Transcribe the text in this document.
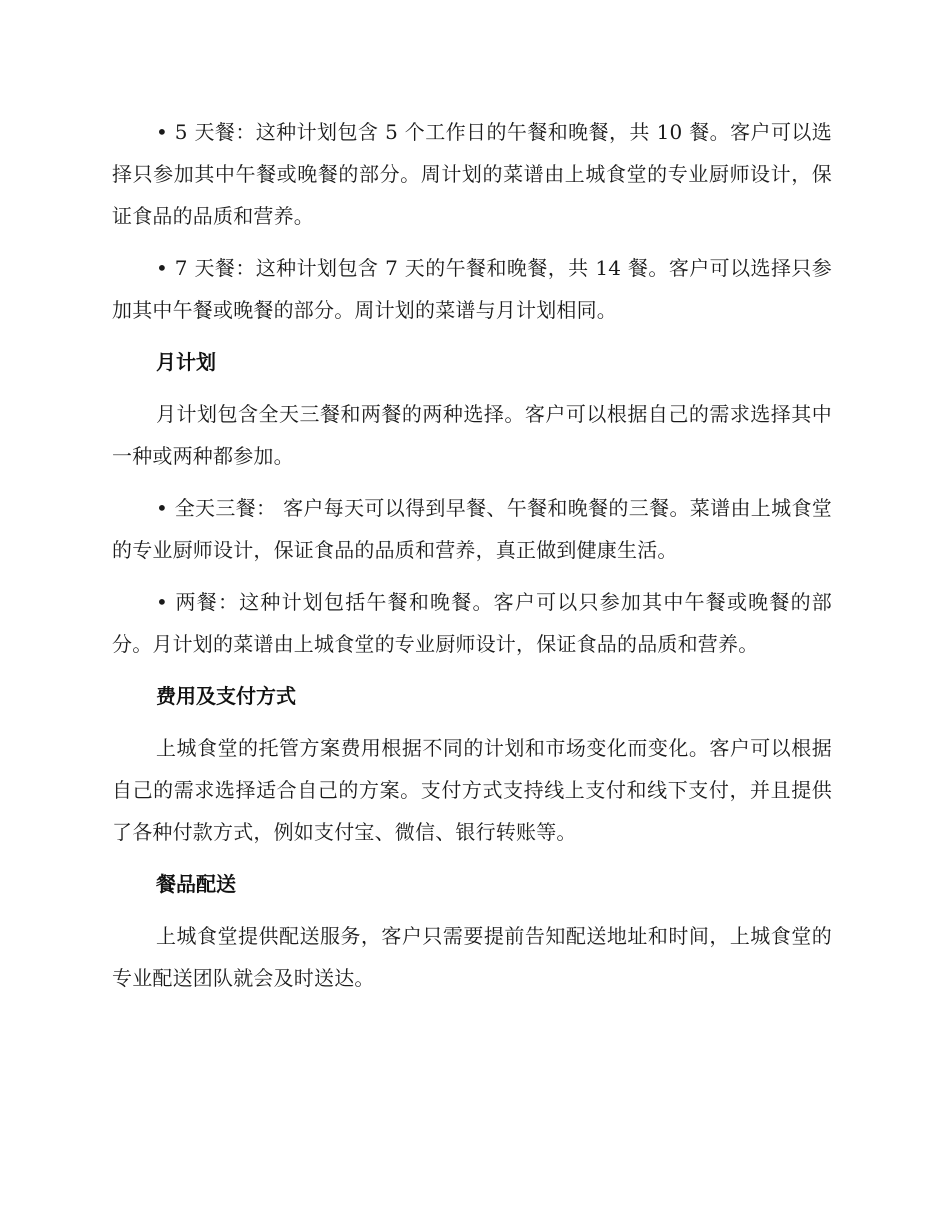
• 5 天餐：这种计划包含 5 个工作日的午餐和晚餐，共 10 餐。客户可以选择只参加其中午餐或晚餐的部分。周计划的菜谱由上城食堂的专业厨师设计，保证食品的品质和营养。

• 7 天餐：这种计划包含 7 天的午餐和晚餐，共 14 餐。客户可以选择只参加其中午餐或晚餐的部分。周计划的菜谱与月计划相同。

月计划

月计划包含全天三餐和两餐的两种选择。客户可以根据自己的需求选择其中一种或两种都参加。

• 全天三餐： 客户每天可以得到早餐、午餐和晚餐的三餐。菜谱由上城食堂的专业厨师设计，保证食品的品质和营养，真正做到健康生活。

• 两餐：这种计划包括午餐和晚餐。客户可以只参加其中午餐或晚餐的部分。月计划的菜谱由上城食堂的专业厨师设计，保证食品的品质和营养。

费用及支付方式

上城食堂的托管方案费用根据不同的计划和市场变化而变化。客户可以根据自己的需求选择适合自己的方案。支付方式支持线上支付和线下支付，并且提供了各种付款方式，例如支付宝、微信、银行转账等。

餐品配送

上城食堂提供配送服务，客户只需要提前告知配送地址和时间，上城食堂的专业配送团队就会及时送达。
